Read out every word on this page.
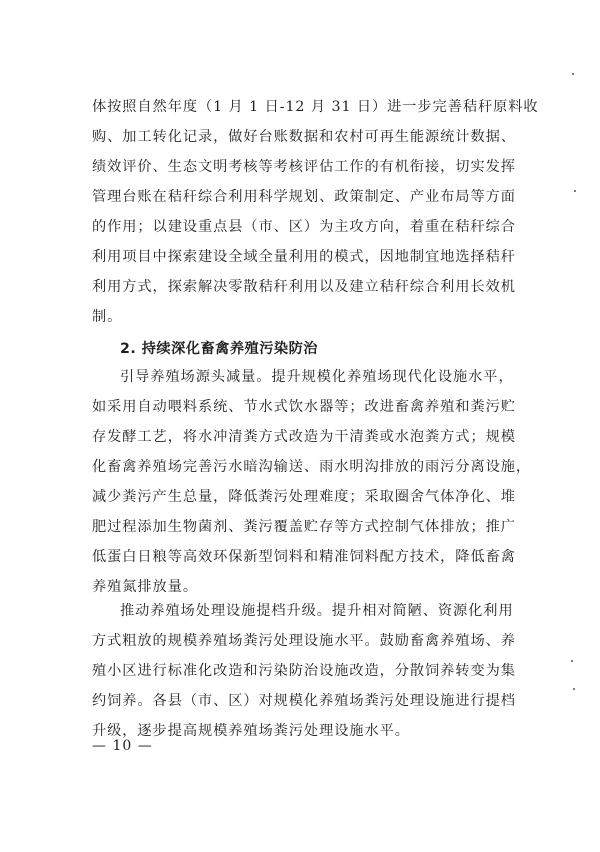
体按照自然年度（1 月 1 日-12 月 31 日）进一步完善秸秆原料收
购、加工转化记录，做好台账数据和农村可再生能源统计数据、
绩效评价、生态文明考核等考核评估工作的有机衔接，切实发挥
管理台账在秸秆综合利用科学规划、政策制定、产业布局等方面
的作用；以建设重点县（市、区）为主攻方向，着重在秸秆综合
利用项目中探索建设全域全量利用的模式，因地制宜地选择秸秆
利用方式，探索解决零散秸秆利用以及建立秸秆综合利用长效机
制。
2. 持续深化畜禽养殖污染防治
引导养殖场源头减量。提升规模化养殖场现代化设施水平，
如采用自动喂料系统、节水式饮水器等；改进畜禽养殖和粪污贮
存发酵工艺，将水冲清粪方式改造为干清粪或水泡粪方式；规模
化畜禽养殖场完善污水暗沟输送、雨水明沟排放的雨污分离设施，
减少粪污产生总量，降低粪污处理难度；采取圈舍气体净化、堆
肥过程添加生物菌剂、粪污覆盖贮存等方式控制气体排放；推广
低蛋白日粮等高效环保新型饲料和精准饲料配方技术，降低畜禽
养殖氮排放量。
推动养殖场处理设施提档升级。提升相对简陋、资源化利用
方式粗放的规模养殖场粪污处理设施水平。鼓励畜禽养殖场、养
殖小区进行标准化改造和污染防治设施改造，分散饲养转变为集
约饲养。各县（市、区）对规模化养殖场粪污处理设施进行提档
升级，逐步提高规模养殖场粪污处理设施水平。
— 10 —
